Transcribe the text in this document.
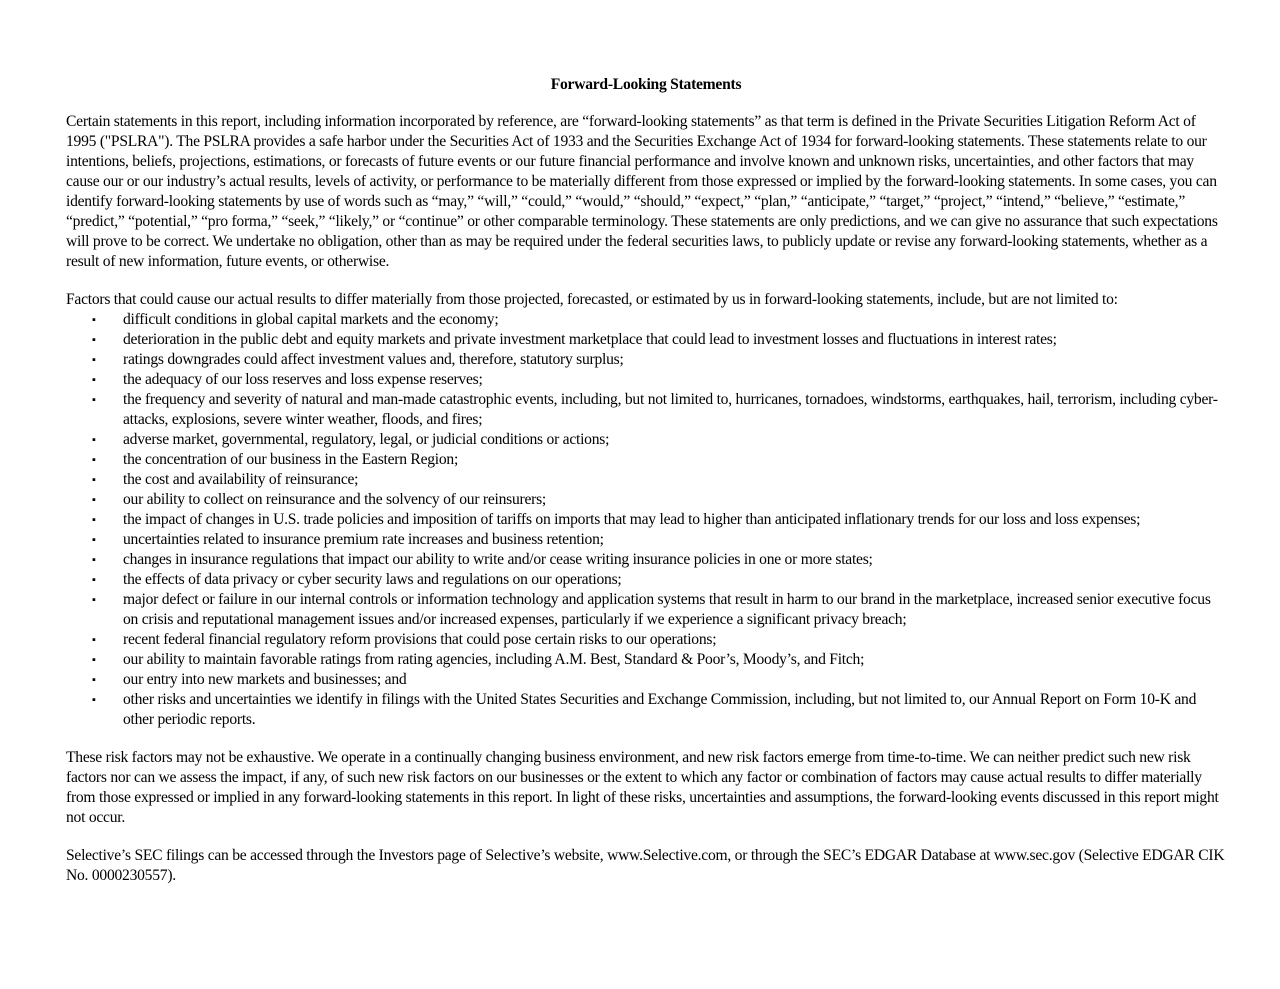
Forward-Looking Statements

Certain statements in this report, including information incorporated by reference, are “forward-looking statements” as that term is defined in the Private Securities Litigation Reform Act of 1995 ("PSLRA"). The PSLRA provides a safe harbor under the Securities Act of 1933 and the Securities Exchange Act of 1934 for forward-looking statements. These statements relate to our intentions, beliefs, projections, estimations, or forecasts of future events or our future financial performance and involve known and unknown risks, uncertainties, and other factors that may cause our or our industry’s actual results, levels of activity, or performance to be materially different from those expressed or implied by the forward-looking statements. In some cases, you can identify forward-looking statements by use of words such as “may,” “will,” “could,” “would,” “should,” “expect,” “plan,” “anticipate,” “target,” “project,” “intend,” “believe,” “estimate,” “predict,” “potential,” “pro forma,” “seek,” “likely,” or “continue” or other comparable terminology. These statements are only predictions, and we can give no assurance that such expectations will prove to be correct. We undertake no obligation, other than as may be required under the federal securities laws, to publicly update or revise any forward-looking statements, whether as a result of new information, future events, or otherwise.

Factors that could cause our actual results to differ materially from those projected, forecasted, or estimated by us in forward-looking statements, include, but are not limited to:

▪ difficult conditions in global capital markets and the economy;
▪ deterioration in the public debt and equity markets and private investment marketplace that could lead to investment losses and fluctuations in interest rates;
▪ ratings downgrades could affect investment values and, therefore, statutory surplus;
▪ the adequacy of our loss reserves and loss expense reserves;
▪ the frequency and severity of natural and man-made catastrophic events, including, but not limited to, hurricanes, tornadoes, windstorms, earthquakes, hail, terrorism, including cyber-attacks, explosions, severe winter weather, floods, and fires;
▪ adverse market, governmental, regulatory, legal, or judicial conditions or actions;
▪ the concentration of our business in the Eastern Region;
▪ the cost and availability of reinsurance;
▪ our ability to collect on reinsurance and the solvency of our reinsurers;
▪ the impact of changes in U.S. trade policies and imposition of tariffs on imports that may lead to higher than anticipated inflationary trends for our loss and loss expenses;
▪ uncertainties related to insurance premium rate increases and business retention;
▪ changes in insurance regulations that impact our ability to write and/or cease writing insurance policies in one or more states;
▪ the effects of data privacy or cyber security laws and regulations on our operations;
▪ major defect or failure in our internal controls or information technology and application systems that result in harm to our brand in the marketplace, increased senior executive focus on crisis and reputational management issues and/or increased expenses, particularly if we experience a significant privacy breach;
▪ recent federal financial regulatory reform provisions that could pose certain risks to our operations;
▪ our ability to maintain favorable ratings from rating agencies, including A.M. Best, Standard & Poor’s, Moody’s, and Fitch;
▪ our entry into new markets and businesses; and
▪ other risks and uncertainties we identify in filings with the United States Securities and Exchange Commission, including, but not limited to, our Annual Report on Form 10-K and other periodic reports.

These risk factors may not be exhaustive. We operate in a continually changing business environment, and new risk factors emerge from time-to-time. We can neither predict such new risk factors nor can we assess the impact, if any, of such new risk factors on our businesses or the extent to which any factor or combination of factors may cause actual results to differ materially from those expressed or implied in any forward-looking statements in this report. In light of these risks, uncertainties and assumptions, the forward-looking events discussed in this report might not occur.

Selective’s SEC filings can be accessed through the Investors page of Selective’s website, www.Selective.com, or through the SEC’s EDGAR Database at www.sec.gov (Selective EDGAR CIK No. 0000230557).
